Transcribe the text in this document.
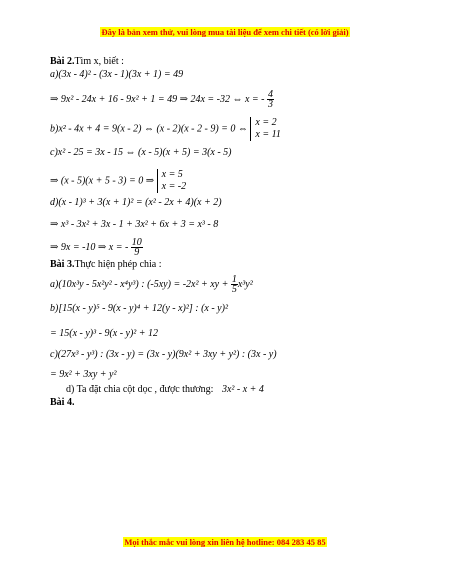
Đây là bản xem thử, vui lòng mua tài liệu để xem chi tiết (có lời giải)
Bài 2.Tìm x, biết :
a)(3x - 4)² - (3x - 1)(3x + 1) = 49
⇒ 9x² - 24x + 16 - 9x² + 1 = 49 ⇒ 24x = -32 ⇔ x = - $\frac{4}{3}$
b)x² - 4x + 4 = 9(x - 2) ⇔ (x - 2)(x - 2 - 9) = 0 ⇔
x = 2
x = 11
c)x² - 25 = 3x - 15 ⇔ (x - 5)(x + 5) = 3(x - 5)
⇒ (x - 5)(x + 5 - 3) = 0 ⇒
x = 5
x = -2
d)(x - 1)³ + 3(x + 1)² = (x² - 2x + 4)(x + 2)
⇒ x³ - 3x² + 3x - 1 + 3x² + 6x + 3 = x³ - 8
⇒ 9x = -10 ⇒ x = - $\frac{10}{9}$
Bài 3.Thực hiện phép chia :
a)(10x³y - 5x²y² - x⁴y³) : (-5xy) = -2x² + xy + $\frac{1}{5} x^3y^2$
b)[15(x - y)⁵ - 9(x - y)⁴ + 12(y - x)²] : (x - y)²
= 15(x - y)³ - 9(x - y)² + 12
c)(27x³ - y³) : (3x - y) = (3x - y)(9x² + 3xy + y²) : (3x - y)
= 9x² + 3xy + y²
d) Ta đặt chia cột dọc , được thương: 3x² - x + 4
Bài 4.
Mọi thắc mắc vui lòng xin liên hệ hotline: 084 283 45 85
